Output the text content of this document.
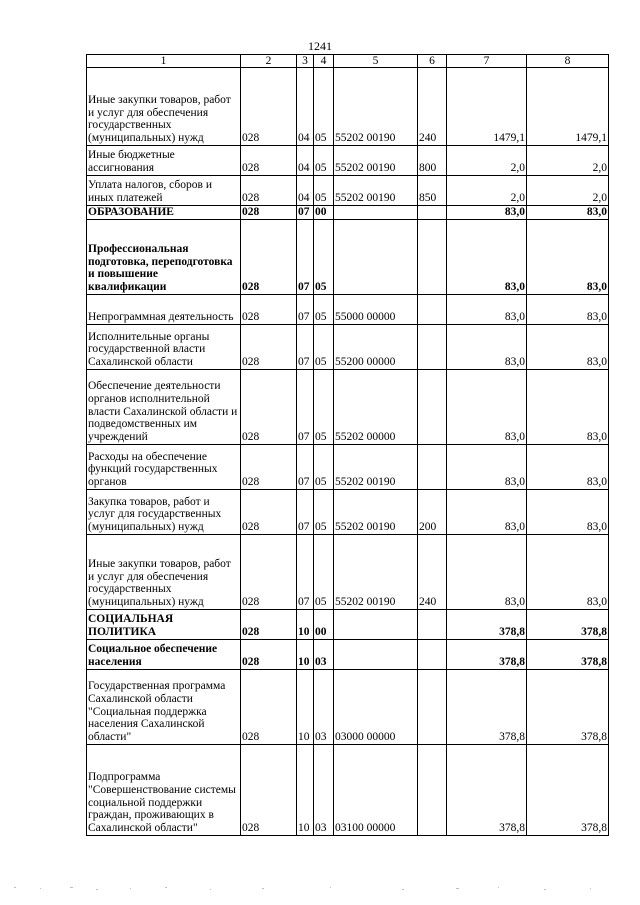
1241
1	2	3	4	5	6	7	8
Иные закупки товаров, работ и услуг для обеспечения государственных (муниципальных) нужд	028	04	05	55202 00190	240	1479,1	1479,1
Иные бюджетные ассигнования	028	04	05	55202 00190	800	2,0	2,0
Уплата налогов, сборов и иных платежей	028	04	05	55202 00190	850	2,0	2,0
ОБРАЗОВАНИЕ	028	07	00			83,0	83,0
Профессиональная подготовка, переподготовка и повышение квалификации	028	07	05			83,0	83,0
Непрограммная деятельность	028	07	05	55000 00000		83,0	83,0
Исполнительные органы государственной власти Сахалинской области	028	07	05	55200 00000		83,0	83,0
Обеспечение деятельности органов исполнительной власти Сахалинской области и подведомственных им учреждений	028	07	05	55202 00000		83,0	83,0
Расходы на обеспечение функций государственных органов	028	07	05	55202 00190		83,0	83,0
Закупка товаров, работ и услуг для государственных (муниципальных) нужд	028	07	05	55202 00190	200	83,0	83,0
Иные закупки товаров, работ и услуг для обеспечения государственных (муниципальных) нужд	028	07	05	55202 00190	240	83,0	83,0
СОЦИАЛЬНАЯ ПОЛИТИКА	028	10	00			378,8	378,8
Социальное обеспечение населения	028	10	03			378,8	378,8
Государственная программа Сахалинской области "Социальная поддержка населения Сахалинской области"	028	10	03	03000 00000		378,8	378,8
Подпрограмма "Совершенствование системы социальной поддержки граждан, проживающих в Сахалинской области"	028	10	03	03100 00000		378,8	378,8
